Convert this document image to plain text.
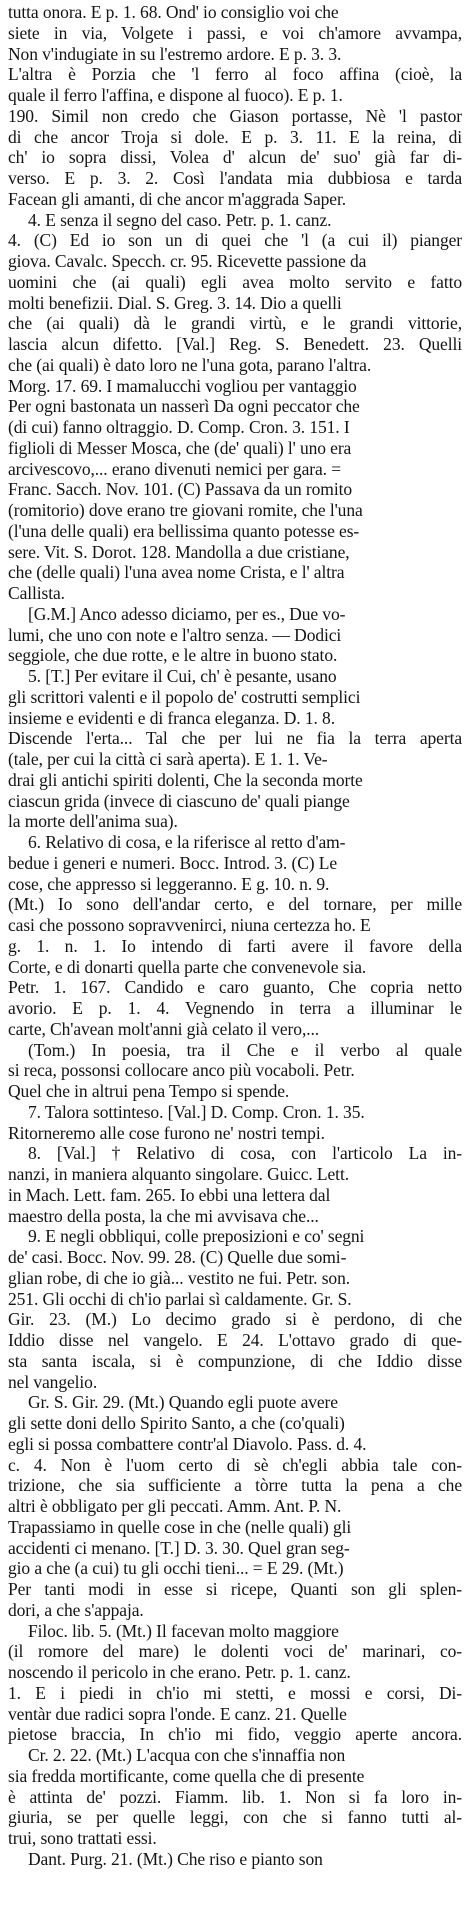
tutta onora. E p. 1. 68. Ond' io consiglio voi che
siete in via, Volgete i passi, e voi ch'amore avvampa,
Non v'indugiate in su l'estremo ardore. E p. 3. 3.
L'altra è Porzia che 'l ferro al foco affina (cioè, la
quale il ferro l'affina, e dispone al fuoco). E p. 1.
190. Simil non credo che Giason portasse, Nè 'l pastor
di che ancor Troja si dole. E p. 3. 11. E la reina, di
ch' io sopra dissi, Volea d' alcun de' suo' già far di-
verso. E p. 3. 2. Così l'andata mia dubbiosa e tarda
Facean gli amanti, di che ancor m'aggrada Saper.
4. E senza il segno del caso. Petr. p. 1. canz.
4. (C) Ed io son un di quei che 'l (a cui il) pianger
giova. Cavalc. Specch. cr. 95. Ricevette passione da
uomini che (ai quali) egli avea molto servito e fatto
molti benefizii. Dial. S. Greg. 3. 14. Dio a quelli
che (ai quali) dà le grandi virtù, e le grandi vittorie,
lascia alcun difetto. [Val.] Reg. S. Benedett. 23. Quelli
che (ai quali) è dato loro ne l'una gota, parano l'altra.
Morg. 17. 69. I mamalucchi vogliou per vantaggio
Per ogni bastonata un nasserì Da ogni peccator che
(di cui) fanno oltraggio. D. Comp. Cron. 3. 151. I
figlioli di Messer Mosca, che (de' quali) l' uno era
arcivescovo,... erano divenuti nemici per gara. =
Franc. Sacch. Nov. 101. (C) Passava da un romito
(romitorio) dove erano tre giovani romite, che l'una
(l'una delle quali) era bellissima quanto potesse es-
sere. Vit. S. Dorot. 128. Mandolla a due cristiane,
che (delle quali) l'una avea nome Crista, e l' altra
Callista.
[G.M.] Anco adesso diciamo, per es., Due vo-
lumi, che uno con note e l'altro senza. — Dodici
seggiole, che due rotte, e le altre in buono stato.
5. [T.] Per evitare il Cui, ch' è pesante, usano
gli scrittori valenti e il popolo de' costrutti semplici
insieme e evidenti e di franca eleganza. D. 1. 8.
Discende l'erta... Tal che per lui ne fia la terra aperta
(tale, per cui la città ci sarà aperta). E 1. 1. Ve-
drai gli antichi spiriti dolenti, Che la seconda morte
ciascun grida (invece di ciascuno de' quali piange
la morte dell'anima sua).
6. Relativo di cosa, e la riferisce al retto d'am-
bedue i generi e numeri. Bocc. Introd. 3. (C) Le
cose, che appresso si leggeranno. E g. 10. n. 9.
(Mt.) Io sono dell'andar certo, e del tornare, per mille
casi che possono sopravvenirci, niuna certezza ho. E
g. 1. n. 1. Io intendo di farti avere il favore della
Corte, e di donarti quella parte che convenevole sia.
Petr. 1. 167. Candido e caro guanto, Che copria netto
avorio. E p. 1. 4. Vegnendo in terra a illuminar le
carte, Ch'avean molt'anni già celato il vero,...
(Tom.) In poesia, tra il Che e il verbo al quale
si reca, possonsi collocare anco più vocaboli. Petr.
Quel che in altrui pena Tempo si spende.
7. Talora sottinteso. [Val.] D. Comp. Cron. 1. 35.
Ritorneremo alle cose furono ne' nostri tempi.
8. [Val.] † Relativo di cosa, con l'articolo La in-
nanzi, in maniera alquanto singolare. Guicc. Lett.
in Mach. Lett. fam. 265. Io ebbi una lettera dal
maestro della posta, la che mi avvisava che...
9. E negli obbliqui, colle preposizioni e co' segni
de' casi. Bocc. Nov. 99. 28. (C) Quelle due somi-
glian robe, di che io già... vestito ne fui. Petr. son.
251. Gli occhi di ch'io parlai sì caldamente. Gr. S.
Gir. 23. (M.) Lo decimo grado si è perdono, di che
Iddio disse nel vangelo. E 24. L'ottavo grado di que-
sta santa iscala, si è compunzione, di che Iddio disse
nel vangelio.
Gr. S. Gir. 29. (Mt.) Quando egli puote avere
gli sette doni dello Spirito Santo, a che (co'quali)
egli si possa combattere contr'al Diavolo. Pass. d. 4.
c. 4. Non è l'uom certo di sè ch'egli abbia tale con-
trizione, che sia sufficiente a tòrre tutta la pena a che
altri è obbligato per gli peccati. Amm. Ant. P. N.
Trapassiamo in quelle cose in che (nelle quali) gli
accidenti ci menano. [T.] D. 3. 30. Quel gran seg-
gio a che (a cui) tu gli occhi tieni... = E 29. (Mt.)
Per tanti modi in esse si ricepe, Quanti son gli splen-
dori, a che s'appaja.
Filoc. lib. 5. (Mt.) Il facevan molto maggiore
(il romore del mare) le dolenti voci de' marinari, co-
noscendo il pericolo in che erano. Petr. p. 1. canz.
1. E i piedi in ch'io mi stetti, e mossi e corsi, Di-
ventàr due radici sopra l'onde. E canz. 21. Quelle
pietose braccia, In ch'io mi fido, veggio aperte ancora.
Cr. 2. 22. (Mt.) L'acqua con che s'innaffia non
sia fredda mortificante, come quella che di presente
è attinta de' pozzi. Fiamm. lib. 1. Non si fa loro in-
giuria, se per quelle leggi, con che si fanno tutti al-
trui, sono trattati essi.
Dant. Purg. 21. (Mt.) Che riso e pianto son
